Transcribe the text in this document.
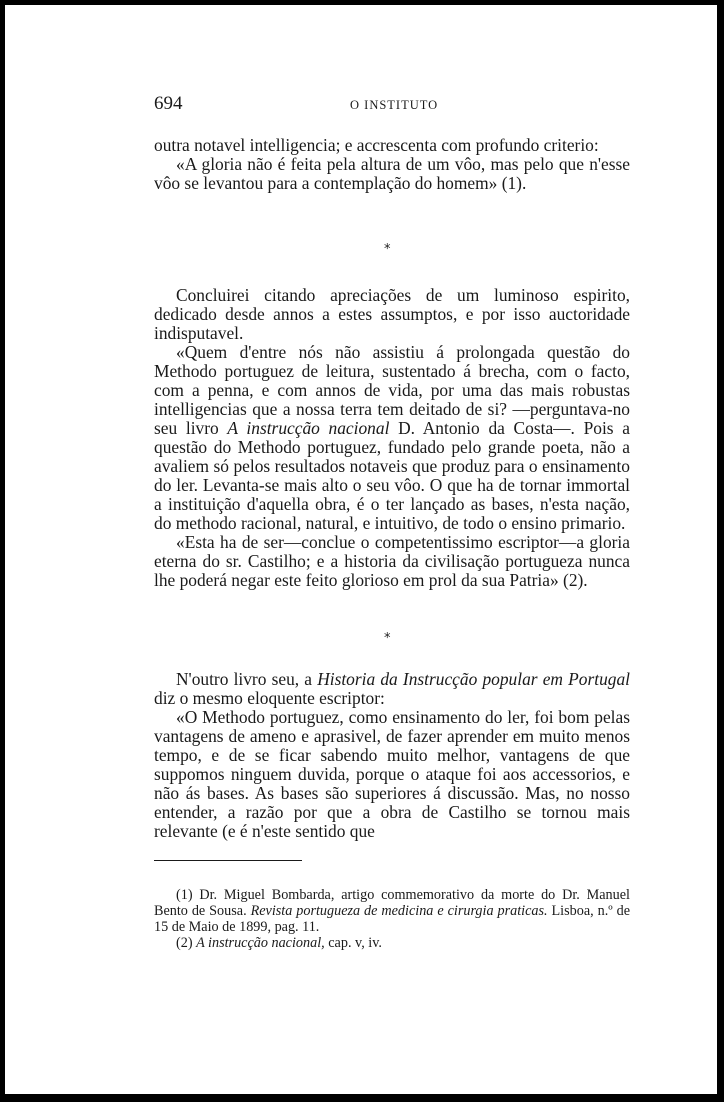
694	O INSTITUTO

outra notavel intelligencia; e accrescenta com profundo criterio:

«A gloria não é feita pela altura de um vôo, mas pelo que n'esse vôo se levantou para a contemplação do homem» (1).

*

Concluirei citando apreciações de um luminoso espirito, dedicado desde annos a estes assumptos, e por isso auctoridade indisputavel.

«Quem d'entre nós não assistiu á prolongada questão do Methodo portuguez de leitura, sustentado á brecha, com o facto, com a penna, e com annos de vida, por uma das mais robustas intelligencias que a nossa terra tem deitado de si? —perguntava-no seu livro A instrucção nacional D. Antonio da Costa—. Pois a questão do Methodo portuguez, fundado pelo grande poeta, não a avaliem só pelos resultados notaveis que produz para o ensinamento do ler. Levanta-se mais alto o seu vôo. O que ha de tornar immortal a instituição d'aquella obra, é o ter lançado as bases, n'esta nação, do methodo racional, natural, e intuitivo, de todo o ensino primario.

«Esta ha de ser—conclue o competentissimo escriptor—a gloria eterna do sr. Castilho; e a historia da civilisação portugueza nunca lhe poderá negar este feito glorioso em prol da sua Patria» (2).

*

N'outro livro seu, a Historia da Instrucção popular em Portugal diz o mesmo eloquente escriptor:

«O Methodo portuguez, como ensinamento do ler, foi bom pelas vantagens de ameno e aprasivel, de fazer aprender em muito menos tempo, e de se ficar sabendo muito melhor, vantagens de que suppomos ninguem duvida, porque o ataque foi aos accessorios, e não ás bases. As bases são superiores á discussão. Mas, no nosso entender, a razão por que a obra de Castilho se tornou mais relevante (e é n'este sentido que

(1) Dr. Miguel Bombarda, artigo commemorativo da morte do Dr. Manuel Bento de Sousa. Revista portugueza de medicina e cirurgia praticas. Lisboa, n.º de 15 de Maio de 1899, pag. 11.

(2) A instrucção nacional, cap. v, iv.
